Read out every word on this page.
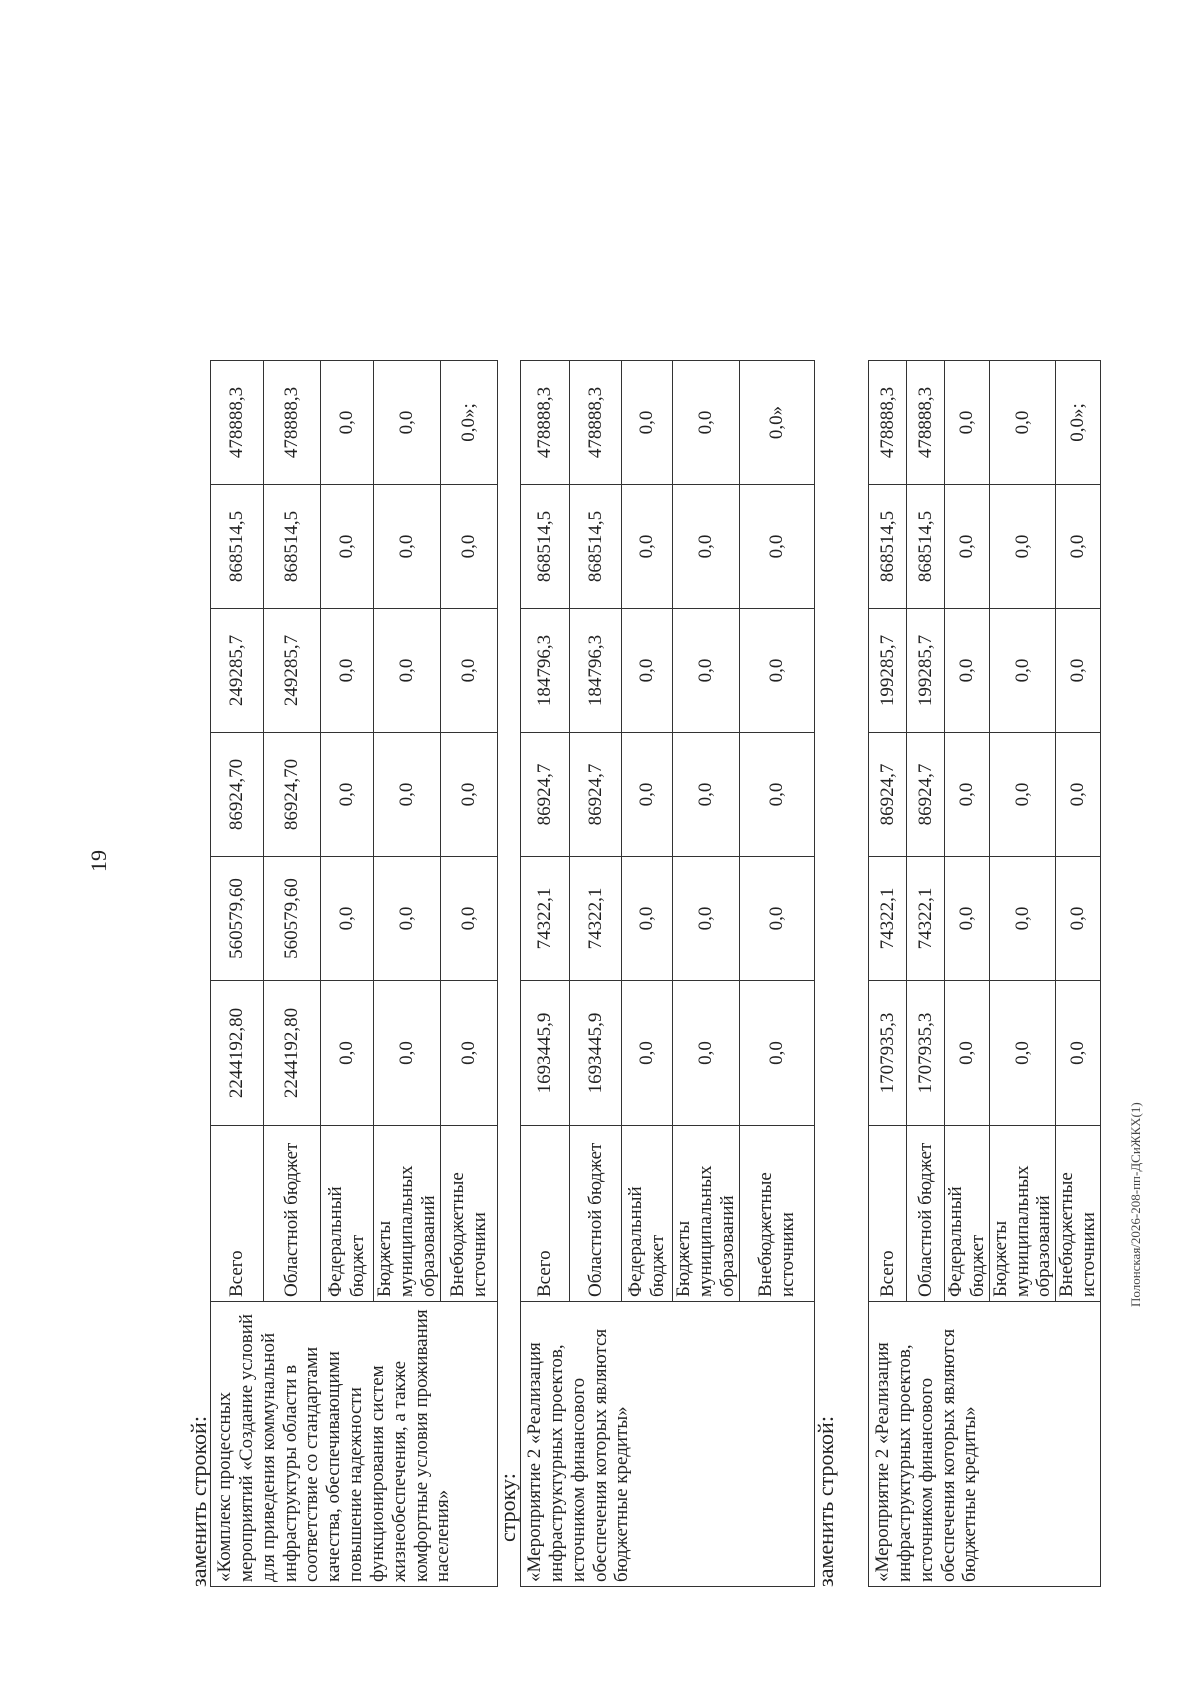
19
заменить строкой: «Комплекс процессных мероприятий «Создание условий для приведения коммунальной инфраструктуры области в соответствие со стандартами качества, обеспечивающими повышение надежности функционирования систем жизнеобеспечения, а также комфортные условия проживания населения»	Всего	2244192,80	560579,60	86924,70	249285,7	868514,5	478888,3
	Областной бюджет	2244192,80	560579,60	86924,70	249285,7	868514,5	478888,3
	Федеральный бюджет	0,0	0,0	0,0	0,0	0,0	0,0
	Бюджеты муниципальных образований	0,0	0,0	0,0	0,0	0,0	0,0
	Внебюджетные источники	0,0	0,0	0,0	0,0	0,0	0,0»;
строку: «Мероприятие 2 «Реализация инфраструктурных проектов, источником финансового обеспечения которых являются бюджетные кредиты»	Всего	1693445,9	74322,1	86924,7	184796,3	868514,5	478888,3
	Областной бюджет	1693445,9	74322,1	86924,7	184796,3	868514,5	478888,3
	Федеральный бюджет	0,0	0,0	0,0	0,0	0,0	0,0
	Бюджеты муниципальных образований	0,0	0,0	0,0	0,0	0,0	0,0
	Внебюджетные источники	0,0	0,0	0,0	0,0	0,0	0,0»
заменить строкой: «Мероприятие 2 «Реализация инфраструктурных проектов, источником финансового обеспечения которых являются бюджетные кредиты»	Всего	1707935,3	74322,1	86924,7	199285,7	868514,5	478888,3
	Областной бюджет	1707935,3	74322,1	86924,7	199285,7	868514,5	478888,3
	Федеральный бюджет	0,0	0,0	0,0	0,0	0,0	0,0
	Бюджеты муниципальных образований	0,0	0,0	0,0	0,0	0,0	0,0
	Внебюджетные источники	0,0	0,0	0,0	0,0	0,0	0,0»;
Полонская/2026-208-пп-ДСиЖКХ(1)
